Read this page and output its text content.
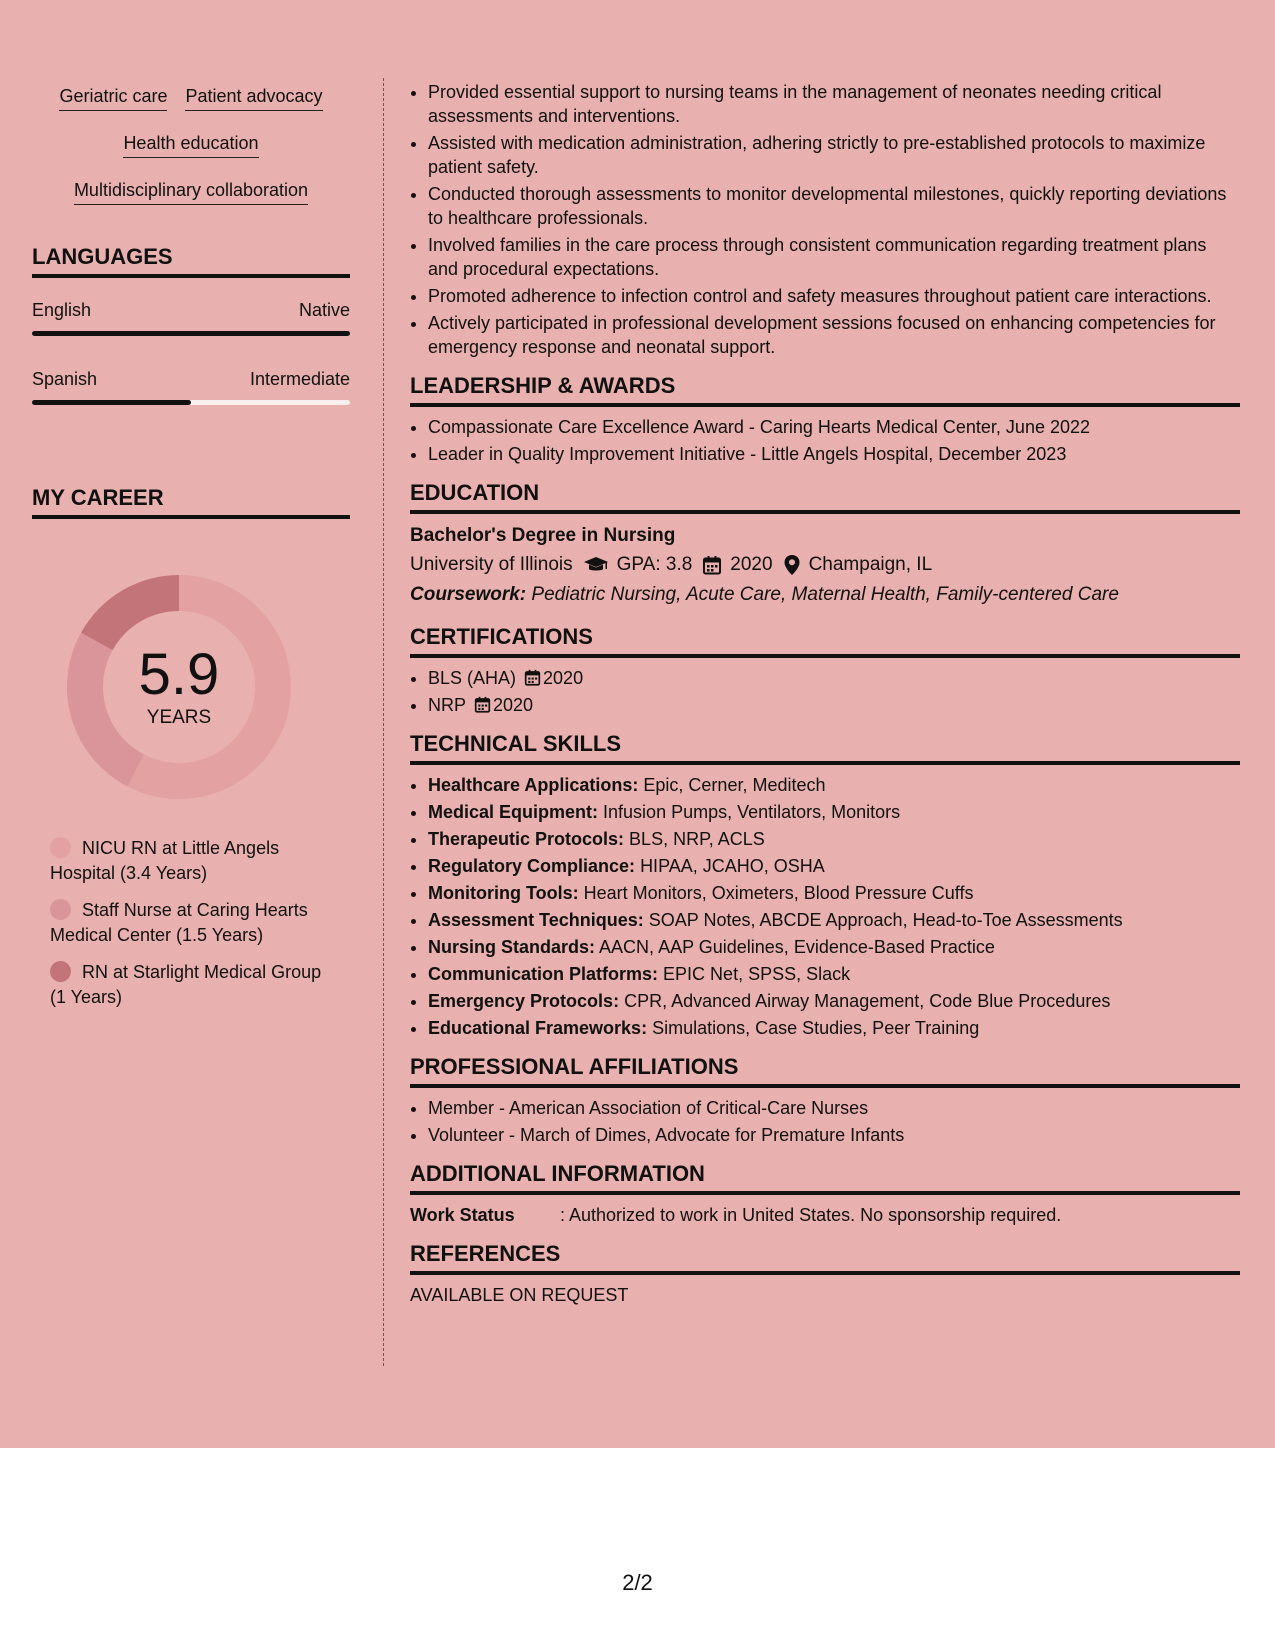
Geriatric care Patient advocacy
Health education
Multidisciplinary collaboration
LANGUAGES
English	Native
Spanish	Intermediate
MY CAREER
5.9
YEARS
NICU RN at Little Angels Hospital (3.4 Years)
Staff Nurse at Caring Hearts Medical Center (1.5 Years)
RN at Starlight Medical Group (1 Years)
• Provided essential support to nursing teams in the management of neonates needing critical assessments and interventions.
• Assisted with medication administration, adhering strictly to pre-established protocols to maximize patient safety.
• Conducted thorough assessments to monitor developmental milestones, quickly reporting deviations to healthcare professionals.
• Involved families in the care process through consistent communication regarding treatment plans and procedural expectations.
• Promoted adherence to infection control and safety measures throughout patient care interactions.
• Actively participated in professional development sessions focused on enhancing competencies for emergency response and neonatal support.
LEADERSHIP & AWARDS
• Compassionate Care Excellence Award - Caring Hearts Medical Center, June 2022
• Leader in Quality Improvement Initiative - Little Angels Hospital, December 2023
EDUCATION
Bachelor's Degree in Nursing
University of Illinois GPA: 3.8 2020 Champaign, IL
Coursework: Pediatric Nursing, Acute Care, Maternal Health, Family-centered Care
CERTIFICATIONS
• BLS (AHA) 2020
• NRP 2020
TECHNICAL SKILLS
• Healthcare Applications: Epic, Cerner, Meditech
• Medical Equipment: Infusion Pumps, Ventilators, Monitors
• Therapeutic Protocols: BLS, NRP, ACLS
• Regulatory Compliance: HIPAA, JCAHO, OSHA
• Monitoring Tools: Heart Monitors, Oximeters, Blood Pressure Cuffs
• Assessment Techniques: SOAP Notes, ABCDE Approach, Head-to-Toe Assessments
• Nursing Standards: AACN, AAP Guidelines, Evidence-Based Practice
• Communication Platforms: EPIC Net, SPSS, Slack
• Emergency Protocols: CPR, Advanced Airway Management, Code Blue Procedures
• Educational Frameworks: Simulations, Case Studies, Peer Training
PROFESSIONAL AFFILIATIONS
• Member - American Association of Critical-Care Nurses
• Volunteer - March of Dimes, Advocate for Premature Infants
ADDITIONAL INFORMATION
Work Status	: Authorized to work in United States. No sponsorship required.
REFERENCES
AVAILABLE ON REQUEST
2/2
